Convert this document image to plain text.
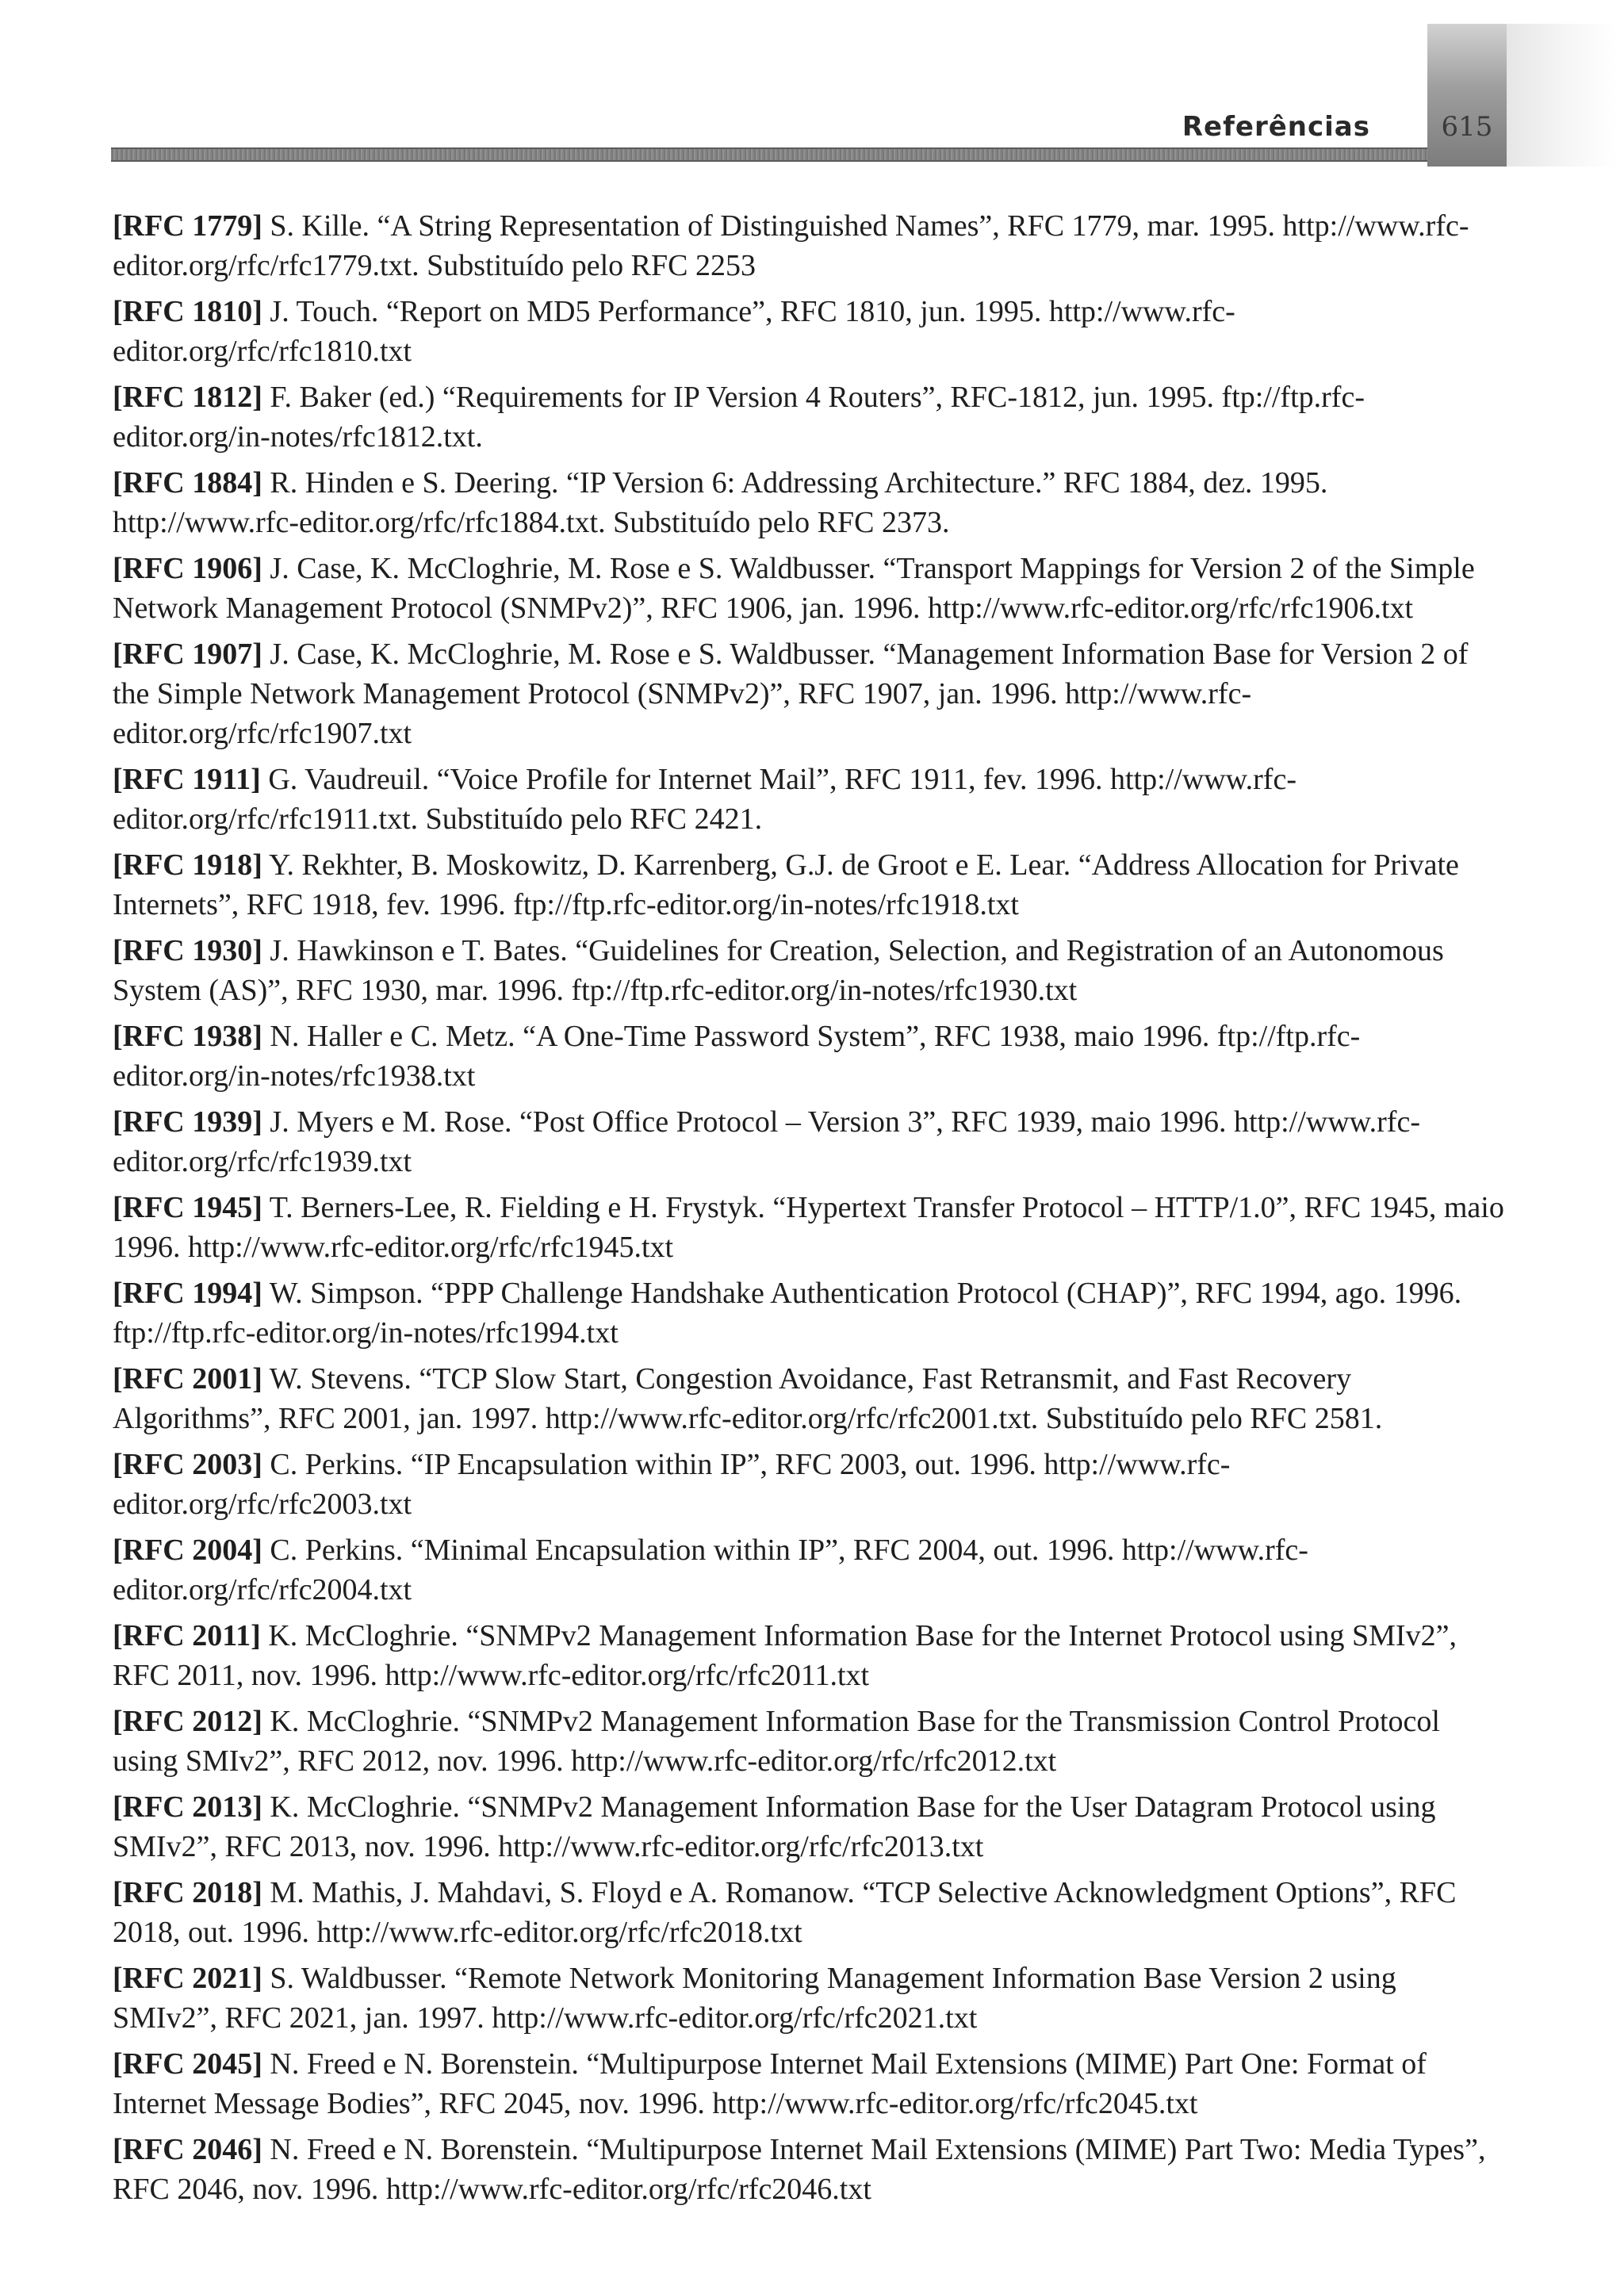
Referências	615

[RFC 1779] S. Kille. “A String Representation of Distinguished Names”, RFC 1779, mar. 1995. http://www.rfc-editor.org/rfc/rfc1779.txt. Substituído pelo RFC 2253

[RFC 1810] J. Touch. “Report on MD5 Performance”, RFC 1810, jun. 1995. http://www.rfc-editor.org/rfc/rfc1810.txt

[RFC 1812] F. Baker (ed.) “Requirements for IP Version 4 Routers”, RFC-1812, jun. 1995. ftp://ftp.rfc-editor.org/in-notes/rfc1812.txt.

[RFC 1884] R. Hinden e S. Deering. “IP Version 6: Addressing Architecture.” RFC 1884, dez. 1995. http://www.rfc-editor.org/rfc/rfc1884.txt. Substituído pelo RFC 2373.

[RFC 1906] J. Case, K. McCloghrie, M. Rose e S. Waldbusser. “Transport Mappings for Version 2 of the Simple Network Management Protocol (SNMPv2)”, RFC 1906, jan. 1996. http://www.rfc-editor.org/rfc/rfc1906.txt

[RFC 1907] J. Case, K. McCloghrie, M. Rose e S. Waldbusser. “Management Information Base for Version 2 of the Simple Network Management Protocol (SNMPv2)”, RFC 1907, jan. 1996. http://www.rfc-editor.org/rfc/rfc1907.txt

[RFC 1911] G. Vaudreuil. “Voice Profile for Internet Mail”, RFC 1911, fev. 1996. http://www.rfc-editor.org/rfc/rfc1911.txt. Substituído pelo RFC 2421.

[RFC 1918] Y. Rekhter, B. Moskowitz, D. Karrenberg, G.J. de Groot e E. Lear. “Address Allocation for Private Internets”, RFC 1918, fev. 1996. ftp://ftp.rfc-editor.org/in-notes/rfc1918.txt

[RFC 1930] J. Hawkinson e T. Bates. “Guidelines for Creation, Selection, and Registration of an Autonomous System (AS)”, RFC 1930, mar. 1996. ftp://ftp.rfc-editor.org/in-notes/rfc1930.txt

[RFC 1938] N. Haller e C. Metz. “A One-Time Password System”, RFC 1938, maio 1996. ftp://ftp.rfc-editor.org/in-notes/rfc1938.txt

[RFC 1939] J. Myers e M. Rose. “Post Office Protocol – Version 3”, RFC 1939, maio 1996. http://www.rfc-editor.org/rfc/rfc1939.txt

[RFC 1945] T. Berners-Lee, R. Fielding e H. Frystyk. “Hypertext Transfer Protocol – HTTP/1.0”, RFC 1945, maio 1996. http://www.rfc-editor.org/rfc/rfc1945.txt

[RFC 1994] W. Simpson. “PPP Challenge Handshake Authentication Protocol (CHAP)”, RFC 1994, ago. 1996. ftp://ftp.rfc-editor.org/in-notes/rfc1994.txt

[RFC 2001] W. Stevens. “TCP Slow Start, Congestion Avoidance, Fast Retransmit, and Fast Recovery Algorithms”, RFC 2001, jan. 1997. http://www.rfc-editor.org/rfc/rfc2001.txt. Substituído pelo RFC 2581.

[RFC 2003] C. Perkins. “IP Encapsulation within IP”, RFC 2003, out. 1996. http://www.rfc-editor.org/rfc/rfc2003.txt

[RFC 2004] C. Perkins. “Minimal Encapsulation within IP”, RFC 2004, out. 1996. http://www.rfc-editor.org/rfc/rfc2004.txt

[RFC 2011] K. McCloghrie. “SNMPv2 Management Information Base for the Internet Protocol using SMIv2”, RFC 2011, nov. 1996. http://www.rfc-editor.org/rfc/rfc2011.txt

[RFC 2012] K. McCloghrie. “SNMPv2 Management Information Base for the Transmission Control Protocol using SMIv2”, RFC 2012, nov. 1996. http://www.rfc-editor.org/rfc/rfc2012.txt

[RFC 2013] K. McCloghrie. “SNMPv2 Management Information Base for the User Datagram Protocol using SMIv2”, RFC 2013, nov. 1996. http://www.rfc-editor.org/rfc/rfc2013.txt

[RFC 2018] M. Mathis, J. Mahdavi, S. Floyd e A. Romanow. “TCP Selective Acknowledgment Options”, RFC 2018, out. 1996. http://www.rfc-editor.org/rfc/rfc2018.txt

[RFC 2021] S. Waldbusser. “Remote Network Monitoring Management Information Base Version 2 using SMIv2”, RFC 2021, jan. 1997. http://www.rfc-editor.org/rfc/rfc2021.txt

[RFC 2045] N. Freed e N. Borenstein. “Multipurpose Internet Mail Extensions (MIME) Part One: Format of Internet Message Bodies”, RFC 2045, nov. 1996. http://www.rfc-editor.org/rfc/rfc2045.txt

[RFC 2046] N. Freed e N. Borenstein. “Multipurpose Internet Mail Extensions (MIME) Part Two: Media Types”, RFC 2046, nov. 1996. http://www.rfc-editor.org/rfc/rfc2046.txt
